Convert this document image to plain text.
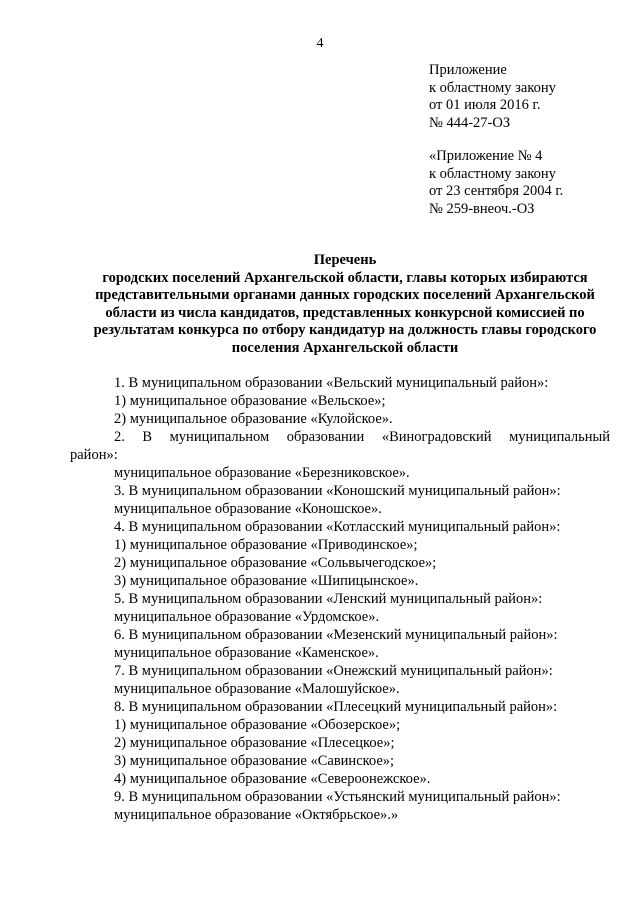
4
Приложение
к областному закону
от 01 июля 2016 г.
№ 444-27-ОЗ
«Приложение № 4
к областному закону
от 23 сентября 2004 г.
№ 259-внеоч.-ОЗ
Перечень
городских поселений Архангельской области, главы которых избираются
представительными органами данных городских поселений Архангельской
области из числа кандидатов, представленных конкурсной комиссией по
результатам конкурса по отбору кандидатур на должность главы городского
поселения Архангельской области
1. В муниципальном образовании «Вельский муниципальный район»:
1) муниципальное образование «Вельское»;
2) муниципальное образование «Кулойское».
2. В муниципальном образовании «Виноградовский муниципальный
район»:
муниципальное образование «Березниковское».
3. В муниципальном образовании «Коношский муниципальный район»:
муниципальное образование «Коношское».
4. В муниципальном образовании «Котласский муниципальный район»:
1) муниципальное образование «Приводинское»;
2) муниципальное образование «Сольвычегодское»;
3) муниципальное образование «Шипицынское».
5. В муниципальном образовании «Ленский муниципальный район»:
муниципальное образование «Урдомское».
6. В муниципальном образовании «Мезенский муниципальный район»:
муниципальное образование «Каменское».
7. В муниципальном образовании «Онежский муниципальный район»:
муниципальное образование «Малошуйское».
8. В муниципальном образовании «Плесецкий муниципальный район»:
1) муниципальное образование «Обозерское»;
2) муниципальное образование «Плесецкое»;
3) муниципальное образование «Савинское»;
4) муниципальное образование «Североонежское».
9. В муниципальном образовании «Устьянский муниципальный район»:
муниципальное образование «Октябрьское».»
